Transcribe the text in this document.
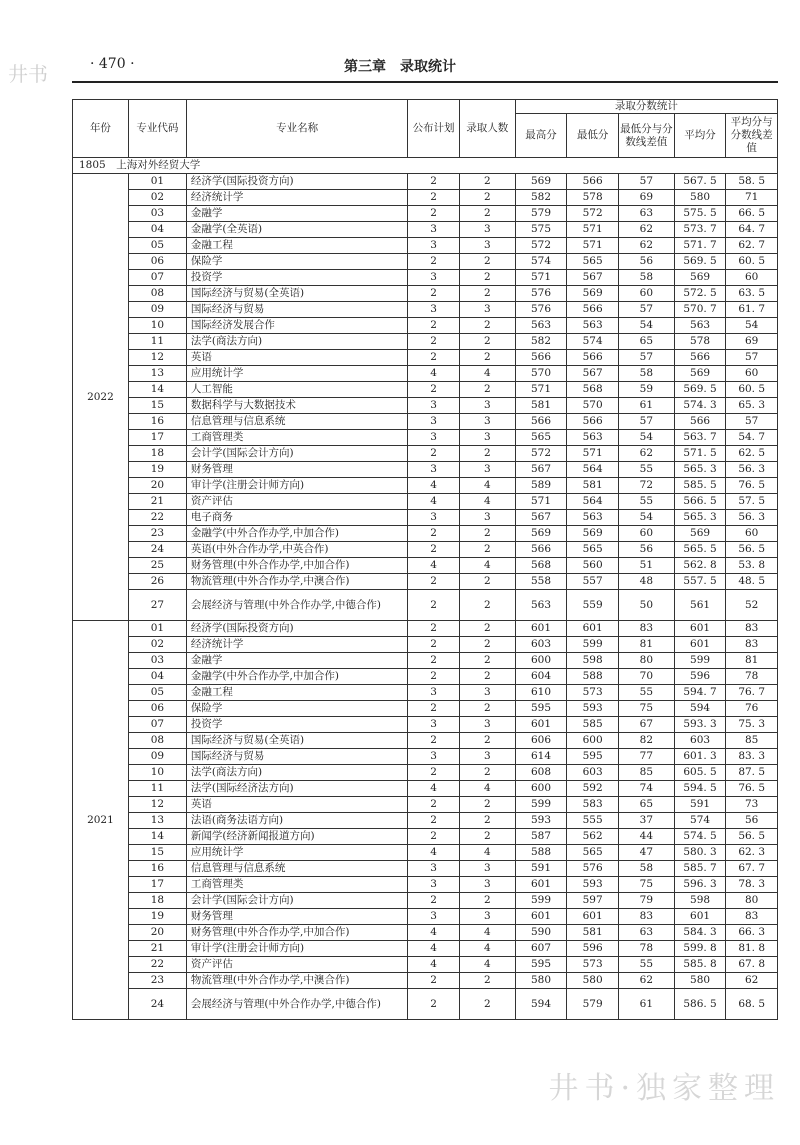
井书	· 470 ·	第三章　录取统计
年份	专业代码	专业名称	公布计划	录取人数	录取分数统计				
					最高分	最低分	最低分与分数线差值	平均分	平均分与分数线差值
1805　上海对外经贸大学									
2022	01	经济学(国际投资方向)	2	2	569	566	57	567. 5	58. 5
	02	经济统计学	2	2	582	578	69	580	71
	03	金融学	2	2	579	572	63	575. 5	66. 5
	04	金融学(全英语)	3	3	575	571	62	573. 7	64. 7
	05	金融工程	3	3	572	571	62	571. 7	62. 7
	06	保险学	2	2	574	565	56	569. 5	60. 5
	07	投资学	3	2	571	567	58	569	60
	08	国际经济与贸易(全英语)	2	2	576	569	60	572. 5	63. 5
	09	国际经济与贸易	3	3	576	566	57	570. 7	61. 7
	10	国际经济发展合作	2	2	563	563	54	563	54
	11	法学(商法方向)	2	2	582	574	65	578	69
	12	英语	2	2	566	566	57	566	57
	13	应用统计学	4	4	570	567	58	569	60
	14	人工智能	2	2	571	568	59	569. 5	60. 5
	15	数据科学与大数据技术	3	3	581	570	61	574. 3	65. 3
	16	信息管理与信息系统	3	3	566	566	57	566	57
	17	工商管理类	3	3	565	563	54	563. 7	54. 7
	18	会计学(国际会计方向)	2	2	572	571	62	571. 5	62. 5
	19	财务管理	3	3	567	564	55	565. 3	56. 3
	20	审计学(注册会计师方向)	4	4	589	581	72	585. 5	76. 5
	21	资产评估	4	4	571	564	55	566. 5	57. 5
	22	电子商务	3	3	567	563	54	565. 3	56. 3
	23	金融学(中外合作办学,中加合作)	2	2	569	569	60	569	60
	24	英语(中外合作办学,中英合作)	2	2	566	565	56	565. 5	56. 5
	25	财务管理(中外合作办学,中加合作)	4	4	568	560	51	562. 8	53. 8
	26	物流管理(中外合作办学,中澳合作)	2	2	558	557	48	557. 5	48. 5
	27	会展经济与管理(中外合作办学,中德合作)	2	2	563	559	50	561	52
2021	01	经济学(国际投资方向)	2	2	601	601	83	601	83
	02	经济统计学	2	2	603	599	81	601	83
	03	金融学	2	2	600	598	80	599	81
	04	金融学(中外合作办学,中加合作)	2	2	604	588	70	596	78
	05	金融工程	3	3	610	573	55	594. 7	76. 7
	06	保险学	2	2	595	593	75	594	76
	07	投资学	3	3	601	585	67	593. 3	75. 3
	08	国际经济与贸易(全英语)	2	2	606	600	82	603	85
	09	国际经济与贸易	3	3	614	595	77	601. 3	83. 3
	10	法学(商法方向)	2	2	608	603	85	605. 5	87. 5
	11	法学(国际经济法方向)	4	4	600	592	74	594. 5	76. 5
	12	英语	2	2	599	583	65	591	73
	13	法语(商务法语方向)	2	2	593	555	37	574	56
	14	新闻学(经济新闻报道方向)	2	2	587	562	44	574. 5	56. 5
	15	应用统计学	4	4	588	565	47	580. 3	62. 3
	16	信息管理与信息系统	3	3	591	576	58	585. 7	67. 7
	17	工商管理类	3	3	601	593	75	596. 3	78. 3
	18	会计学(国际会计方向)	2	2	599	597	79	598	80
	19	财务管理	3	3	601	601	83	601	83
	20	财务管理(中外合作办学,中加合作)	4	4	590	581	63	584. 3	66. 3
	21	审计学(注册会计师方向)	4	4	607	596	78	599. 8	81. 8
	22	资产评估	4	4	595	573	55	585. 8	67. 8
	23	物流管理(中外合作办学,中澳合作)	2	2	580	580	62	580	62
	24	会展经济与管理(中外合作办学,中德合作)	2	2	594	579	61	586. 5	68. 5
井书·独家整理
